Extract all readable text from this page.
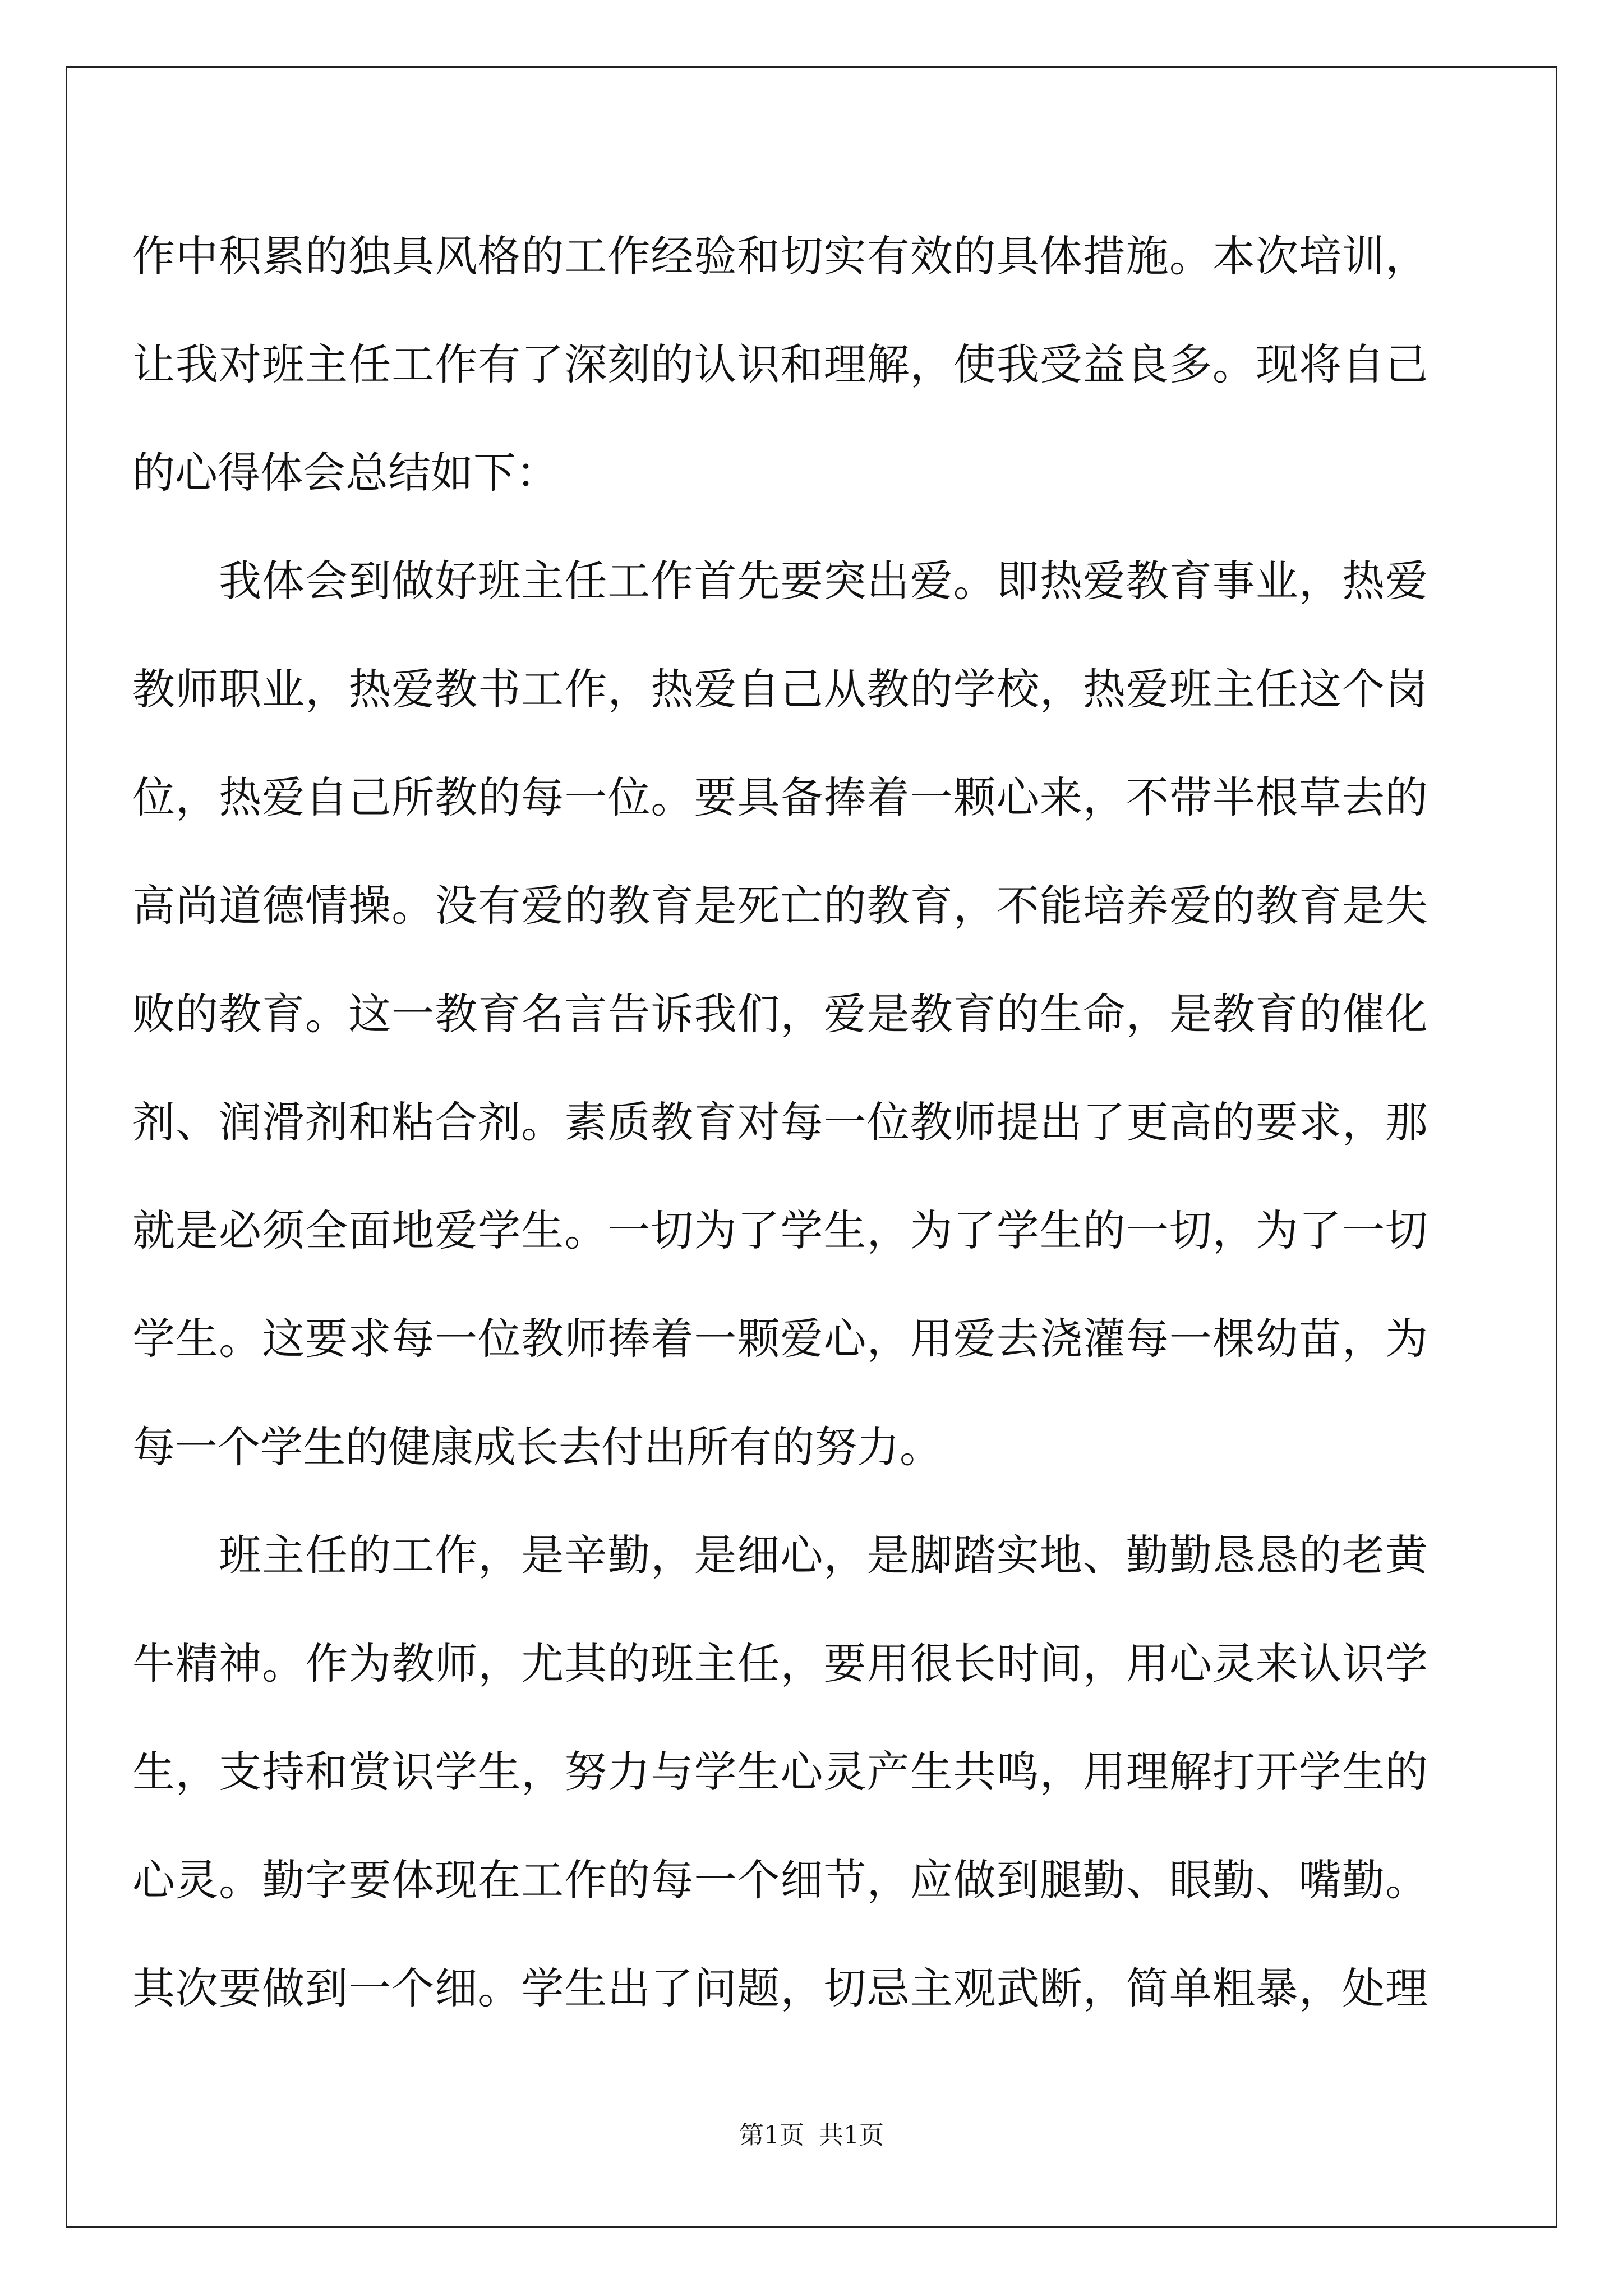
作中积累的独具风格的工作经验和切实有效的具体措施。本次培训，
让我对班主任工作有了深刻的认识和理解，使我受益良多。现将自己
的心得体会总结如下：
我体会到做好班主任工作首先要突出爱。即热爱教育事业，热爱
教师职业，热爱教书工作，热爱自己从教的学校，热爱班主任这个岗
位，热爱自己所教的每一位。要具备捧着一颗心来，不带半根草去的
高尚道德情操。没有爱的教育是死亡的教育，不能培养爱的教育是失
败的教育。这一教育名言告诉我们，爱是教育的生命，是教育的催化
剂、润滑剂和粘合剂。素质教育对每一位教师提出了更高的要求，那
就是必须全面地爱学生。一切为了学生，为了学生的一切，为了一切
学生。这要求每一位教师捧着一颗爱心，用爱去浇灌每一棵幼苗，为
每一个学生的健康成长去付出所有的努力。
班主任的工作，是辛勤，是细心，是脚踏实地、勤勤恳恳的老黄
牛精神。作为教师，尤其的班主任，要用很长时间，用心灵来认识学
生，支持和赏识学生，努力与学生心灵产生共鸣，用理解打开学生的
心灵。勤字要体现在工作的每一个细节，应做到腿勤、眼勤、嘴勤。
其次要做到一个细。学生出了问题，切忌主观武断，简单粗暴，处理
第1页 共1页
